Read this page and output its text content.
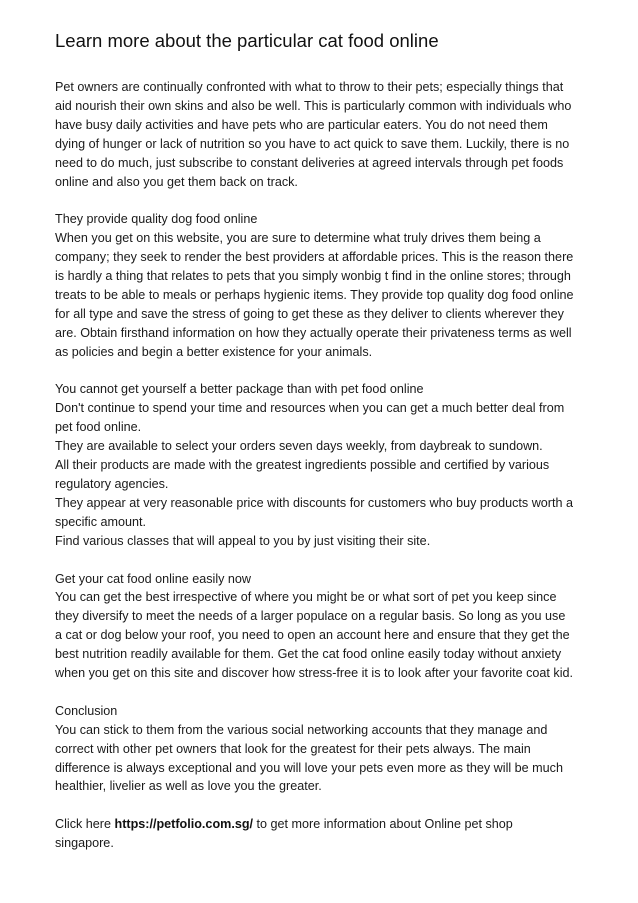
Learn more about the particular cat food online

Pet owners are continually confronted with what to throw to their pets; especially things that
aid nourish their own skins and also be well. This is particularly common with individuals who
have busy daily activities and have pets who are particular eaters. You do not need them
dying of hunger or lack of nutrition so you have to act quick to save them. Luckily, there is no
need to do much, just subscribe to constant deliveries at agreed intervals through pet foods
online and also you get them back on track.

They provide quality dog food online
When you get on this website, you are sure to determine what truly drives them being a
company; they seek to render the best providers at affordable prices. This is the reason there
is hardly a thing that relates to pets that you simply wonbig t find in the online stores; through
treats to be able to meals or perhaps hygienic items. They provide top quality dog food online
for all type and save the stress of going to get these as they deliver to clients wherever they
are. Obtain firsthand information on how they actually operate their privateness terms as well
as policies and begin a better existence for your animals.

You cannot get yourself a better package than with pet food online
Don't continue to spend your time and resources when you can get a much better deal from
pet food online.
They are available to select your orders seven days weekly, from daybreak to sundown.
All their products are made with the greatest ingredients possible and certified by various
regulatory agencies.
They appear at very reasonable price with discounts for customers who buy products worth a
specific amount.
Find various classes that will appeal to you by just visiting their site.

Get your cat food online easily now
You can get the best irrespective of where you might be or what sort of pet you keep since
they diversify to meet the needs of a larger populace on a regular basis. So long as you use
a cat or dog below your roof, you need to open an account here and ensure that they get the
best nutrition readily available for them. Get the cat food online easily today without anxiety
when you get on this site and discover how stress-free it is to look after your favorite coat kid.

Conclusion
You can stick to them from the various social networking accounts that they manage and
correct with other pet owners that look for the greatest for their pets always. The main
difference is always exceptional and you will love your pets even more as they will be much
healthier, livelier as well as love you the greater.

Click here https://petfolio.com.sg/ to get more information about Online pet shop
singapore.
